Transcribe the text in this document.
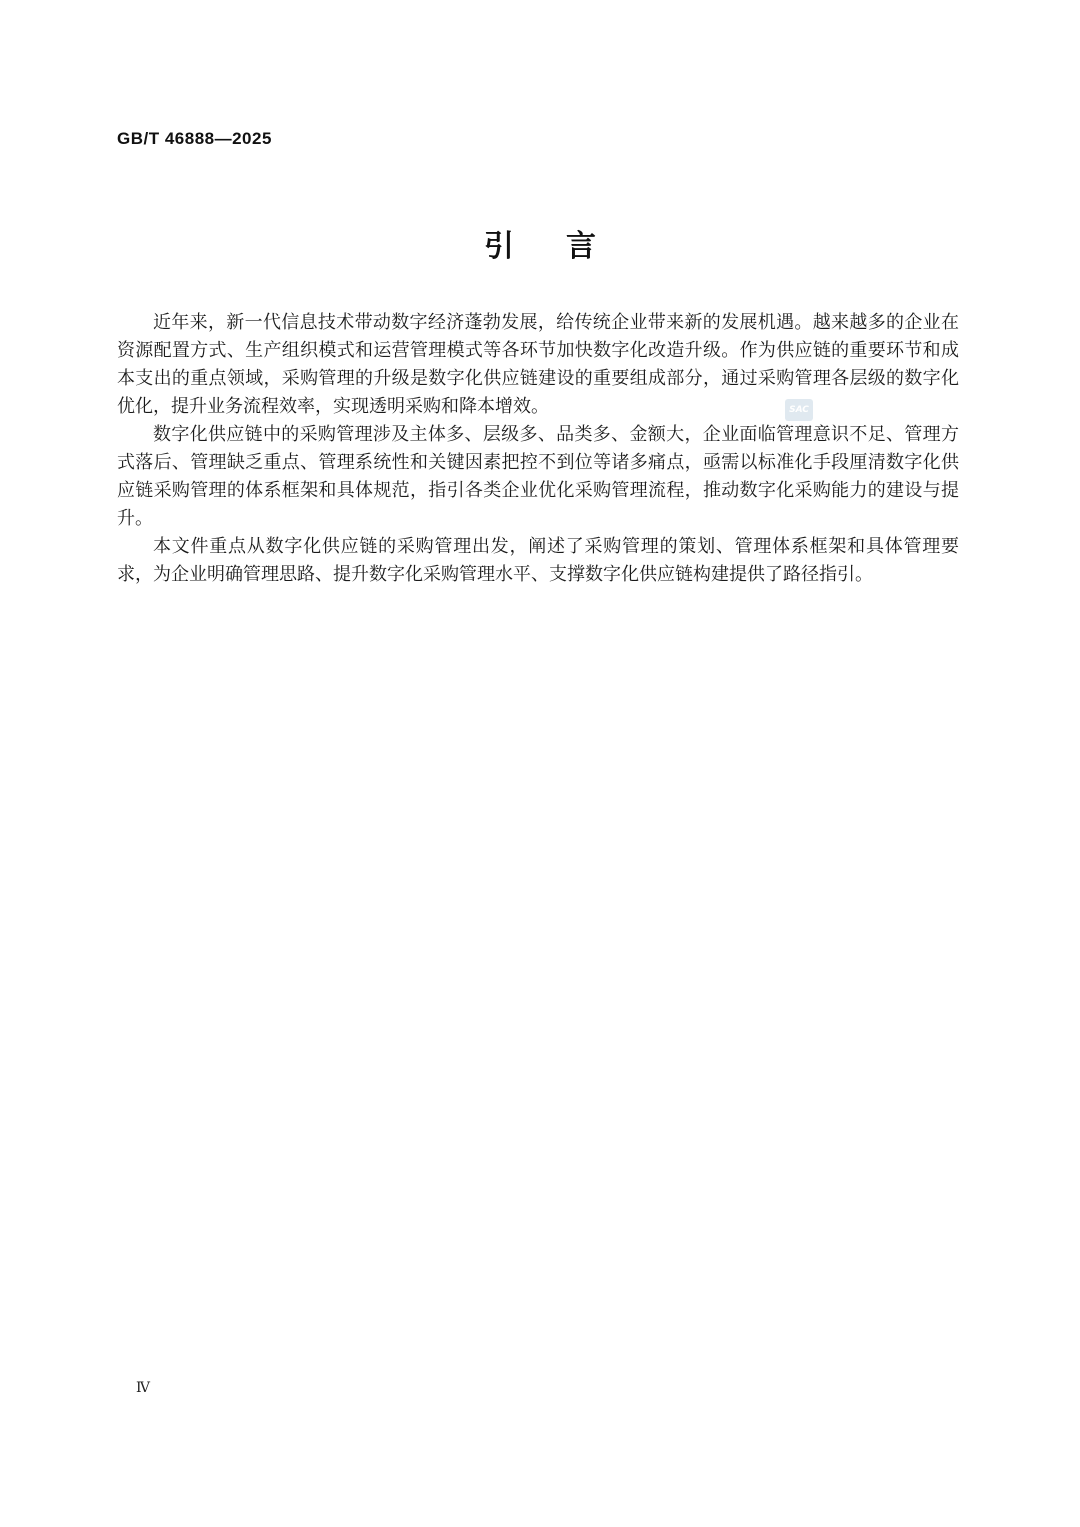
GB/T 46888—2025
引言

近年来，新一代信息技术带动数字经济蓬勃发展，给传统企业带来新的发展机遇。越来越多的企业在资源配置方式、生产组织模式和运营管理模式等各环节加快数字化改造升级。作为供应链的重要环节和成本支出的重点领域，采购管理的升级是数字化供应链建设的重要组成部分，通过采购管理各层级的数字化优化，提升业务流程效率，实现透明采购和降本增效。

数字化供应链中的采购管理涉及主体多、层级多、品类多、金额大，企业面临管理意识不足、管理方式落后、管理缺乏重点、管理系统性和关键因素把控不到位等诸多痛点，亟需以标准化手段厘清数字化供应链采购管理的体系框架和具体规范，指引各类企业优化采购管理流程，推动数字化采购能力的建设与提升。

本文件重点从数字化供应链的采购管理出发，阐述了采购管理的策划、管理体系框架和具体管理要求，为企业明确管理思路、提升数字化采购管理水平、支撑数字化供应链构建提供了路径指引。

SAC
Ⅳ
